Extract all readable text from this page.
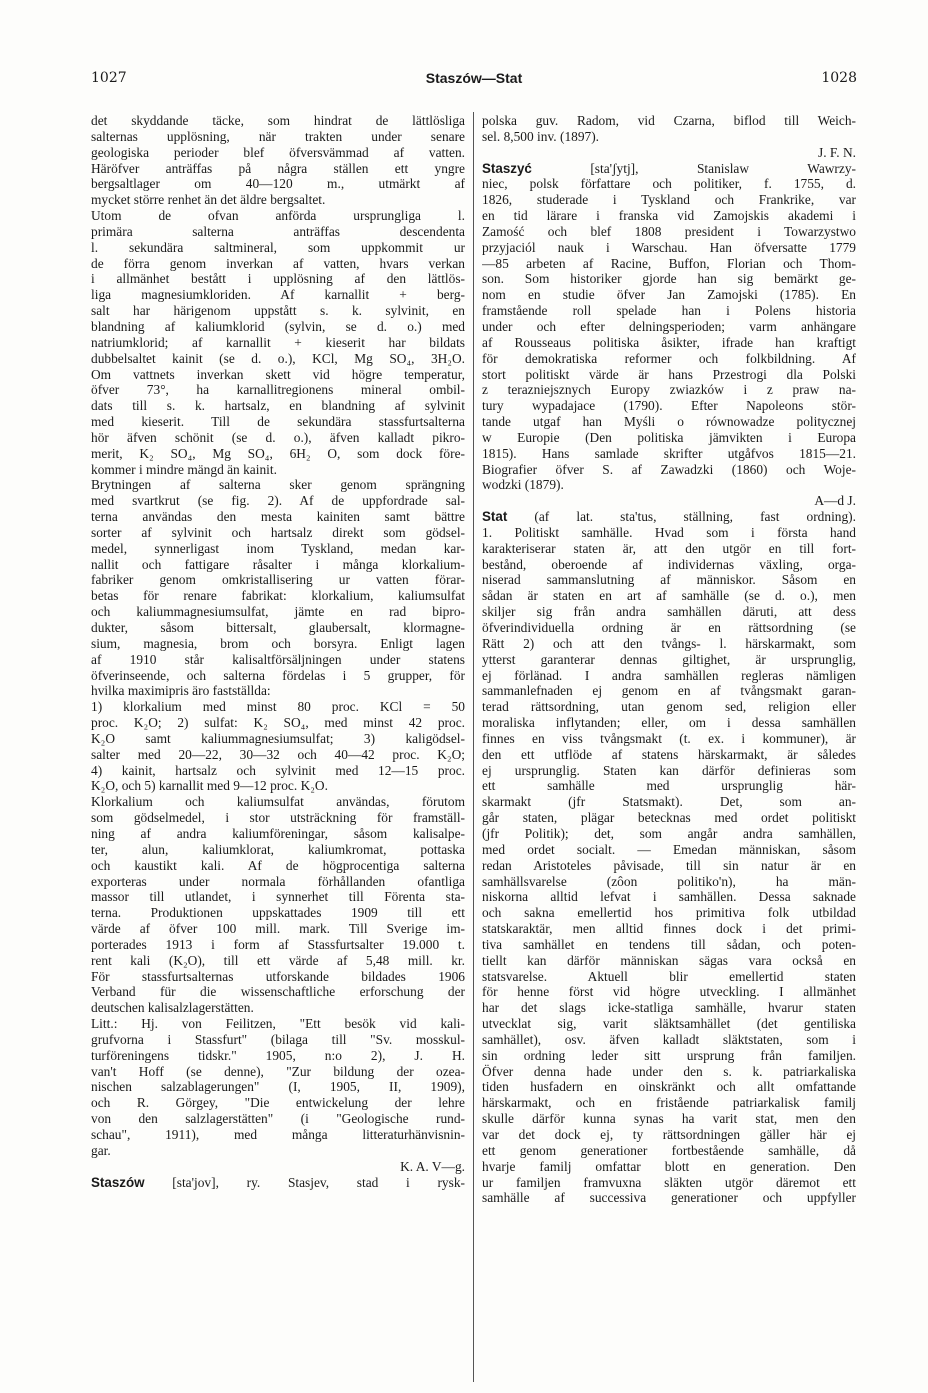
1027	Staszów—Stat	1028
det skyddande täcke, som hindrat de lättlösliga
salternas upplösning, när trakten under senare
geologiska perioder blef öfversvämmad af vatten.
Häröfver anträffas på några ställen ett yngre
bergsaltlager om 40—120 m., utmärkt af
mycket större renhet än det äldre bergsaltet.
Utom de ofvan anförda ursprungliga l.
primära salterna anträffas descendenta
l. sekundära saltmineral, som uppkommit ur
de förra genom inverkan af vatten, hvars verkan
i allmänhet bestått i upplösning af den lättlös-
liga magnesiumkloriden. Af karnallit + berg-
salt har härigenom uppstått s. k. sylvinit, en
blandning af kaliumklorid (sylvin, se d. o.) med
natriumklorid; af karnallit + kieserit har bildats
dubbelsaltet kainit (se d. o.), KCl, Mg SO₄, 3H₂O.
Om vattnets inverkan skett vid högre temperatur,
öfver 73°, ha karnallitregionens mineral ombil-
dats till s. k. hartsalz, en blandning af sylvinit
med kieserit. Till de sekundära stassfurtsalterna
hör äfven schönit (se d. o.), äfven kalladt pikro-
merit, K₂ SO₄, Mg SO₄, 6H₂ O, som dock före-
kommer i mindre mängd än kainit.
Brytningen af salterna sker genom sprängning
med svartkrut (se fig. 2). Af de uppfordrade sal-
terna användas den mesta kainiten samt bättre
sorter af sylvinit och hartsalz direkt som gödsel-
medel, synnerligast inom Tyskland, medan kar-
nallit och fattigare råsalter i många klorkalium-
fabriker genom omkristallisering ur vatten förar-
betas för renare fabrikat: klorkalium, kaliumsulfat
och kaliummagnesiumsulfat, jämte en rad bipro-
dukter, såsom bittersalt, glaubersalt, klormagne-
sium, magnesia, brom och borsyra. Enligt lagen
af 1910 står kalisaltförsäljningen under statens
öfverinseende, och salterna fördelas i 5 grupper, för
hvilka maximipris äro fastställda:
1) klorkalium med minst 80 proc. KCl = 50
proc. K₂O; 2) sulfat: K₂ SO₄, med minst 42 proc.
K₂O samt kaliummagnesiumsulfat; 3) kaligödsel-
salter med 20—22, 30—32 och 40—42 proc. K₂O;
4) kainit, hartsalz och sylvinit med 12—15 proc.
K₂O, och 5) karnallit med 9—12 proc. K₂O.
Klorkalium och kaliumsulfat användas, förutom
som gödselmedel, i stor utsträckning för framställ-
ning af andra kaliumföreningar, såsom kalisalpe-
ter, alun, kaliumklorat, kaliumkromat, pottaska
och kaustikt kali. Af de högprocentiga salterna
exporteras under normala förhållanden ofantliga
massor till utlandet, i synnerhet till Förenta sta-
terna. Produktionen uppskattades 1909 till ett
värde af öfver 100 mill. mark. Till Sverige im-
porterades 1913 i form af Stassfurtsalter 19.000 t.
rent kali (K₂O), till ett värde af 5,48 mill. kr.
För stassfurtsalternas utforskande bildades 1906
Verband für die wissenschaftliche erforschung der
deutschen kalisalzlagerstätten.
Litt.: Hj. von Feilitzen, "Ett besök vid kali-
grufvorna i Stassfurt" (bilaga till "Sv. mosskul-
turföreningens tidskr." 1905, n:o 2), J. H.
van't Hoff (se denne), "Zur bildung der ozea-
nischen salzablagerungen" (I, 1905, II, 1909),
och R. Görgey, "Die entwickelung der lehre
von den salzlagerstätten" (i "Geologische rund-
schau", 1911), med många litteraturhänvisnin-
gar.
K. A. V—g.
Staszów [sta'jov], ry. Stasjev, stad i rysk-
polska guv. Radom, vid Czarna, biflod till Weich-
sel. 8,500 inv. (1897).
J. F. N.
Staszyć [sta'ʃytj], Stanislaw Wawrzy-
niec, polsk författare och politiker, f. 1755, d.
1826, studerade i Tyskland och Frankrike, var
en tid lärare i franska vid Zamojskis akademi i
Zamość och blef 1808 president i Towarzystwo
przyjaciól nauk i Warschau. Han öfversatte 1779
—85 arbeten af Racine, Buffon, Florian och Thom-
son. Som historiker gjorde han sig bemärkt ge-
nom en studie öfver Jan Zamojski (1785). En
framstående roll spelade han i Polens historia
under och efter delningsperioden; varm anhängare
af Rousseaus politiska åsikter, ifrade han kraftigt
för demokratiska reformer och folkbildning. Af
stort politiskt värde är hans Przestrogi dla Polski
z terazniejsznych Europy zwiazków i z praw na-
tury wypadajace (1790). Efter Napoleons stör-
tande utgaf han Myśli o równowadze politycznej
w Europie (Den politiska jämvikten i Europa
1815). Hans samlade skrifter utgåfvos 1815—21.
Biografier öfver S. af Zawadzki (1860) och Woje-
wodzki (1879).
A—d J.
Stat (af lat. sta'tus, ställning, fast ordning).
1. Politiskt samhälle. Hvad som i första hand
karakteriserar staten är, att den utgör en till fort-
bestånd, oberoende af individernas växling, orga-
niserad sammanslutning af människor. Såsom en
sådan är staten en art af samhälle (se d. o.), men
skiljer sig från andra samhällen däruti, att dess
öfverindividuella ordning är en rättsordning (se
Rätt 2) och att den tvångs- l. härskarmakt, som
ytterst garanterar dennas giltighet, är ursprunglig,
ej förlänad. I andra samhällen regleras nämligen
sammanlefnaden ej genom en af tvångsmakt garan-
terad rättsordning, utan genom sed, religion eller
moraliska inflytanden; eller, om i dessa samhällen
finnes en viss tvångsmakt (t. ex. i kommuner), är
den ett utflöde af statens härskarmakt, är således
ej ursprunglig. Staten kan därför definieras som
ett samhälle med ursprunglig här-
skarmakt (jfr Statsmakt). Det, som an-
går staten, plägar betecknas med ordet politiskt
(jfr Politik); det, som angår andra samhällen,
med ordet socialt. — Emedan människan, såsom
redan Aristoteles påvisade, till sin natur är en
samhällsvarelse (zôon politiko'n), ha män-
niskorna alltid lefvat i samhällen. Dessa saknade
och sakna emellertid hos primitiva folk utbildad
statskaraktär, men alltid finnes dock i det primi-
tiva samhället en tendens till sådan, och poten-
tiellt kan därför människan sägas vara också en
statsvarelse. Aktuell blir emellertid staten
för henne först vid högre utveckling. I allmänhet
har det slags icke-statliga samhälle, hvarur staten
utvecklat sig, varit släktsamhället (det gentiliska
samhället), osv. äfven kalladt släktstaten, som i
sin ordning leder sitt ursprung från familjen.
Öfver denna hade under den s. k. patriarkaliska
tiden husfadern en oinskränkt och allt omfattande
härskarmakt, och en fristående patriarkalisk familj
skulle därför kunna synas ha varit stat, men den
var det dock ej, ty rättsordningen gäller här ej
ett genom generationer fortbestående samhälle, då
hvarje familj omfattar blott en generation. Den
ur familjen framvuxna släkten utgör däremot ett
samhälle af successiva generationer och uppfyller
